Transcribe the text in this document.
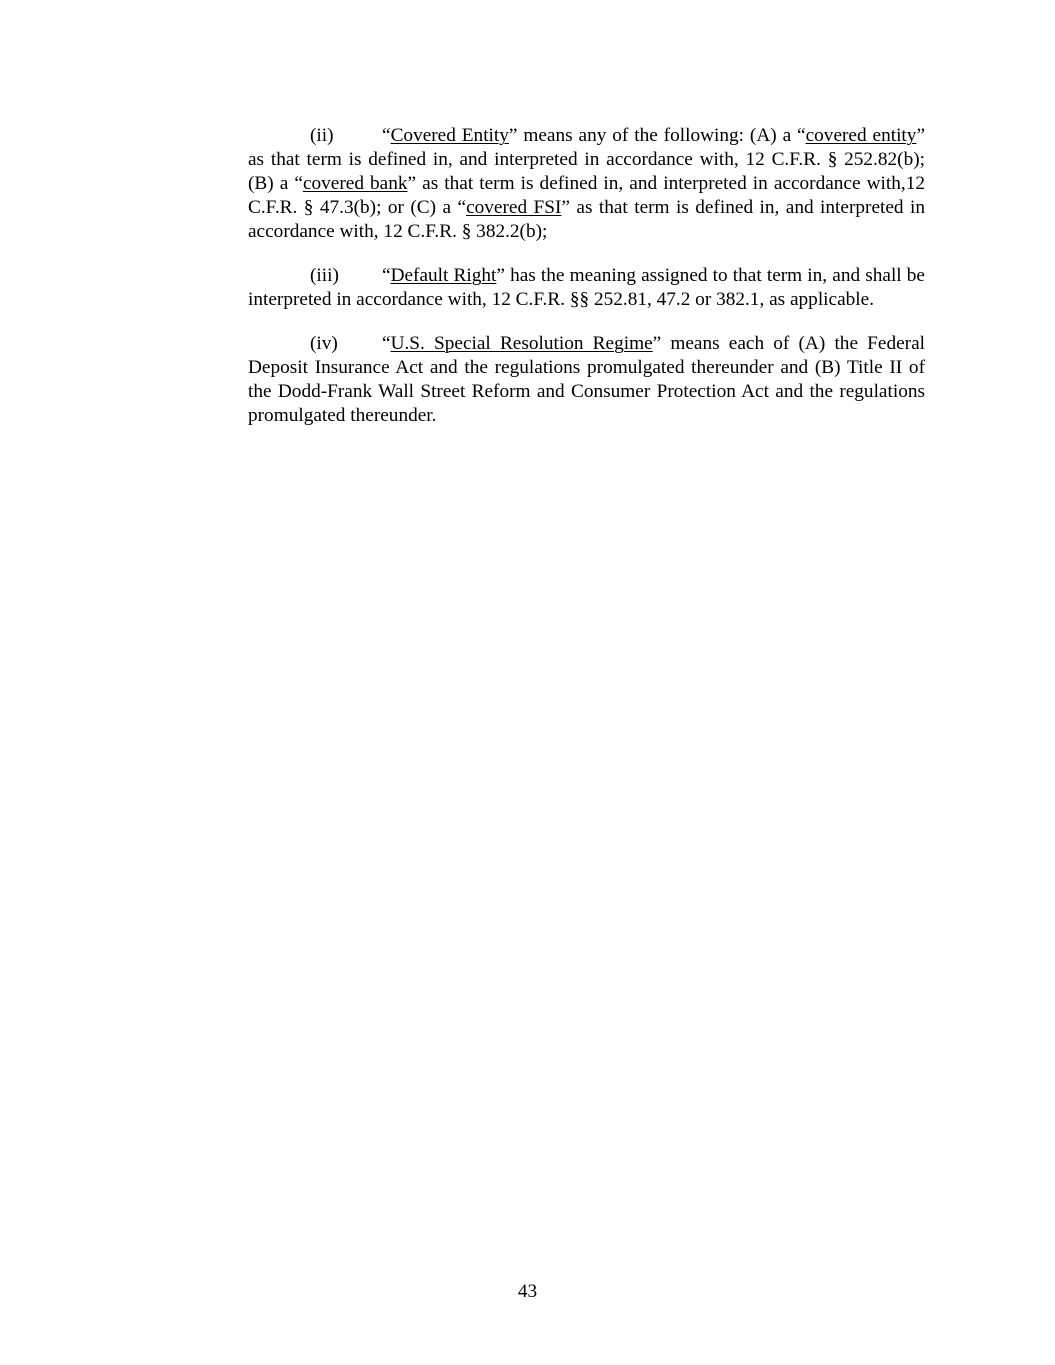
(ii)	“Covered Entity” means any of the following: (A) a “covered entity” as that term is defined in, and interpreted in accordance with, 12 C.F.R. § 252.82(b); (B) a “covered bank” as that term is defined in, and interpreted in accordance with,12 C.F.R. § 47.3(b); or (C) a “covered FSI” as that term is defined in, and interpreted in accordance with, 12 C.F.R. § 382.2(b);

(iii) “Default Right” has the meaning assigned to that term in, and shall be interpreted in accordance with, 12 C.F.R. §§ 252.81, 47.2 or 382.1, as applicable.

(iv) “U.S. Special Resolution Regime” means each of (A) the Federal Deposit Insurance Act and the regulations promulgated thereunder and (B) Title II of the Dodd-Frank Wall Street Reform and Consumer Protection Act and the regulations promulgated thereunder.

43
